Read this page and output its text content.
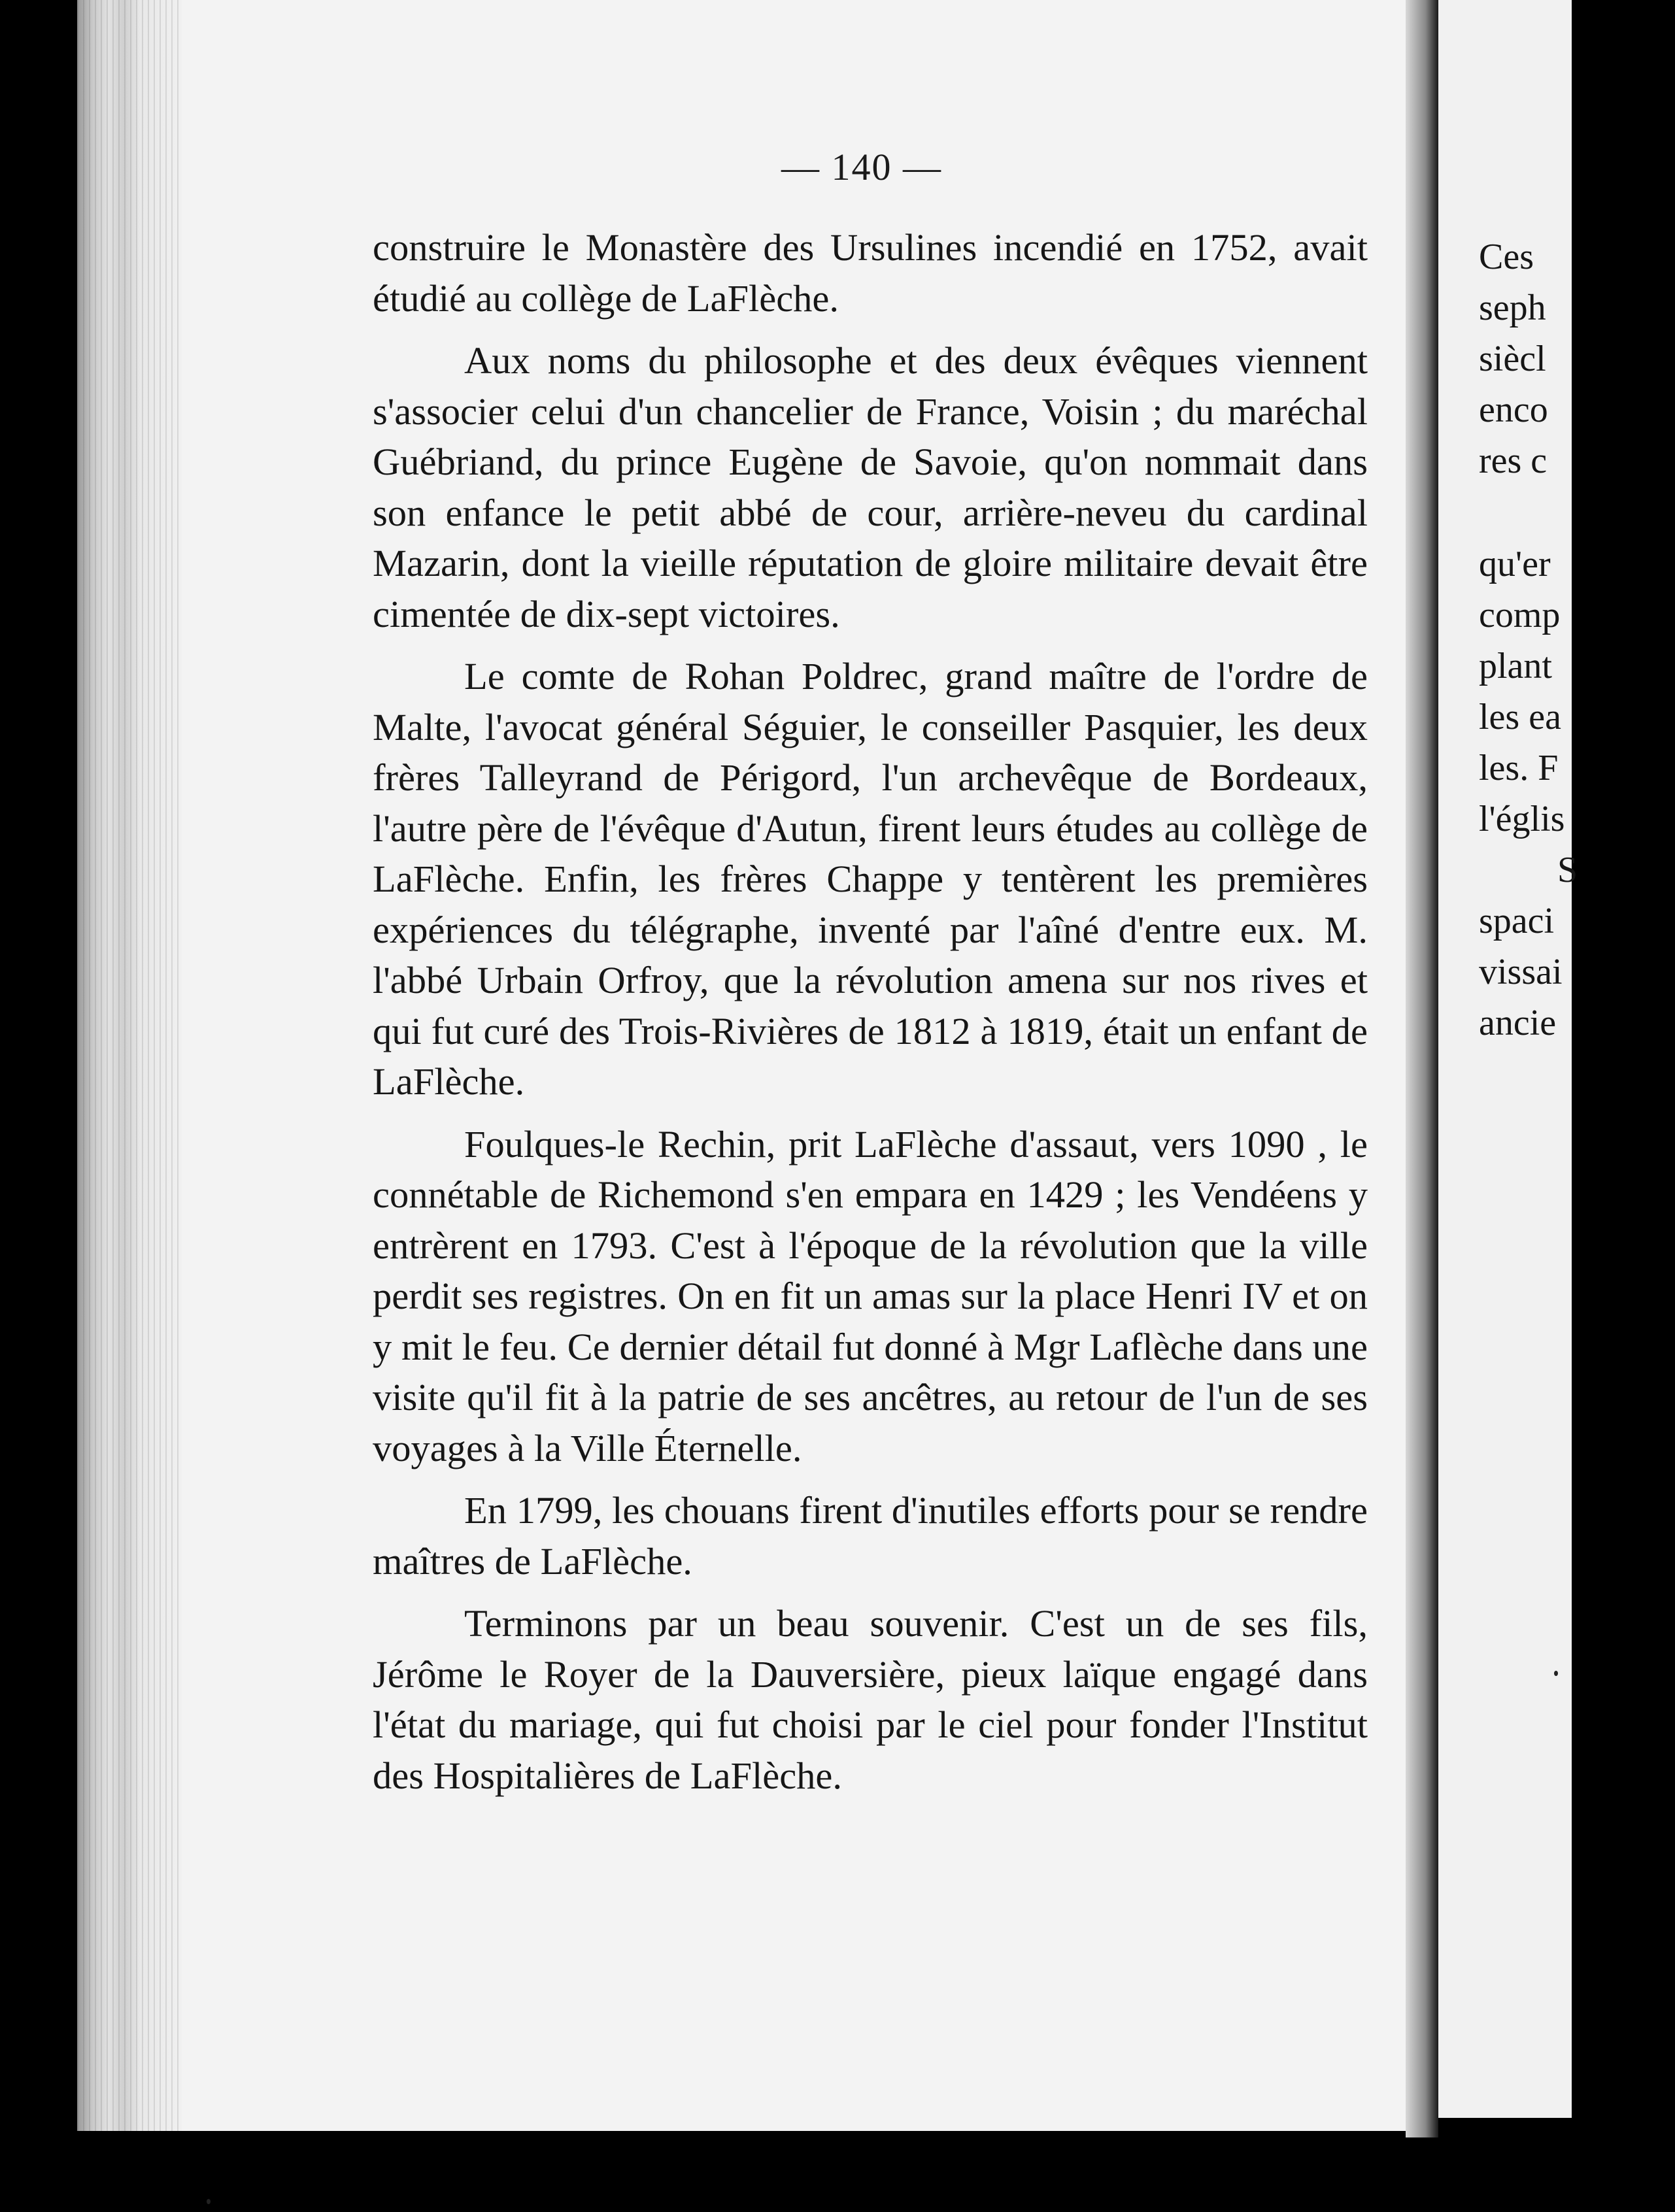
— 140 —

construire le Monastère des Ursulines incendié en 1752, avait étudié au collège de LaFlèche.

Aux noms du philosophe et des deux évêques viennent s'associer celui d'un chancelier de France, Voisin ; du maréchal Guébriand, du prince Eugène de Savoie, qu'on nommait dans son enfance le petit abbé de cour, arrière-neveu du cardinal Mazarin, dont la vieille réputation de gloire militaire devait être cimentée de dix-sept victoires.

Le comte de Rohan Poldrec, grand maître de l'ordre de Malte, l'avocat général Séguier, le conseiller Pasquier, les deux frères Talleyrand de Périgord, l'un archevêque de Bordeaux, l'autre père de l'évêque d'Autun, firent leurs études au collège de LaFlèche. Enfin, les frères Chappe y tentèrent les premières expériences du télégraphe, inventé par l'aîné d'entre eux. M. l'abbé Urbain Orfroy, que la révolution amena sur nos rives et qui fut curé des Trois-Rivières de 1812 à 1819, était un enfant de LaFlèche.

Foulques-le Rechin, prit LaFlèche d'assaut, vers 1090 , le connétable de Richemond s'en empara en 1429 ; les Vendéens y entrèrent en 1793. C'est à l'époque de la révolution que la ville perdit ses registres. On en fit un amas sur la place Henri IV et on y mit le feu. Ce dernier détail fut donné à Mgr Laflèche dans une visite qu'il fit à la patrie de ses ancêtres, au retour de l'un de ses voyages à la Ville Éternelle.

En 1799, les chouans firent d'inutiles efforts pour se rendre maîtres de LaFlèche.

Terminons par un beau souvenir. C'est un de ses fils, Jérôme le Royer de la Dauversière, pieux laïque engagé dans l'état du mariage, qui fut choisi par le ciel pour fonder l'Institut des Hospitalières de LaFlèche.

Ces
seph
siècl
enco
res c
qu'er
comp
plant
les ea
les. F
l'églis
S
spaci
vissai
ancie
